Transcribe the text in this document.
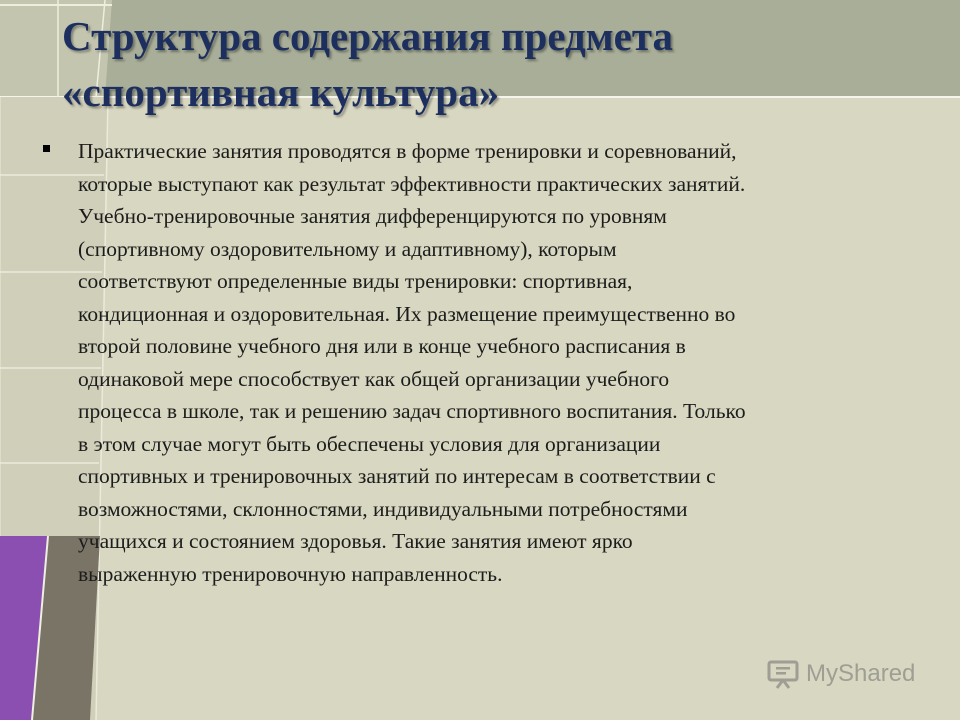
Структура содержания предмета
«спортивная культура»

Практические занятия проводятся в форме тренировки и соревнований,
которые выступают как результат эффективности практических занятий.
Учебно-тренировочные занятия дифференцируются по уровням
(спортивному оздоровительному и адаптивному), которым
соответствуют определенные виды тренировки: спортивная,
кондиционная и оздоровительная. Их размещение преимущественно во
второй половине учебного дня или в конце учебного расписания в
одинаковой мере способствует как общей организации учебного
процесса в школе, так и решению задач спортивного воспитания. Только
в этом случае могут быть обеспечены условия для организации
спортивных и тренировочных занятий по интересам в соответствии с
возможностями, склонностями, индивидуальными потребностями
учащихся и состоянием здоровья. Такие занятия имеют ярко
выраженную тренировочную направленность.

MyShared
